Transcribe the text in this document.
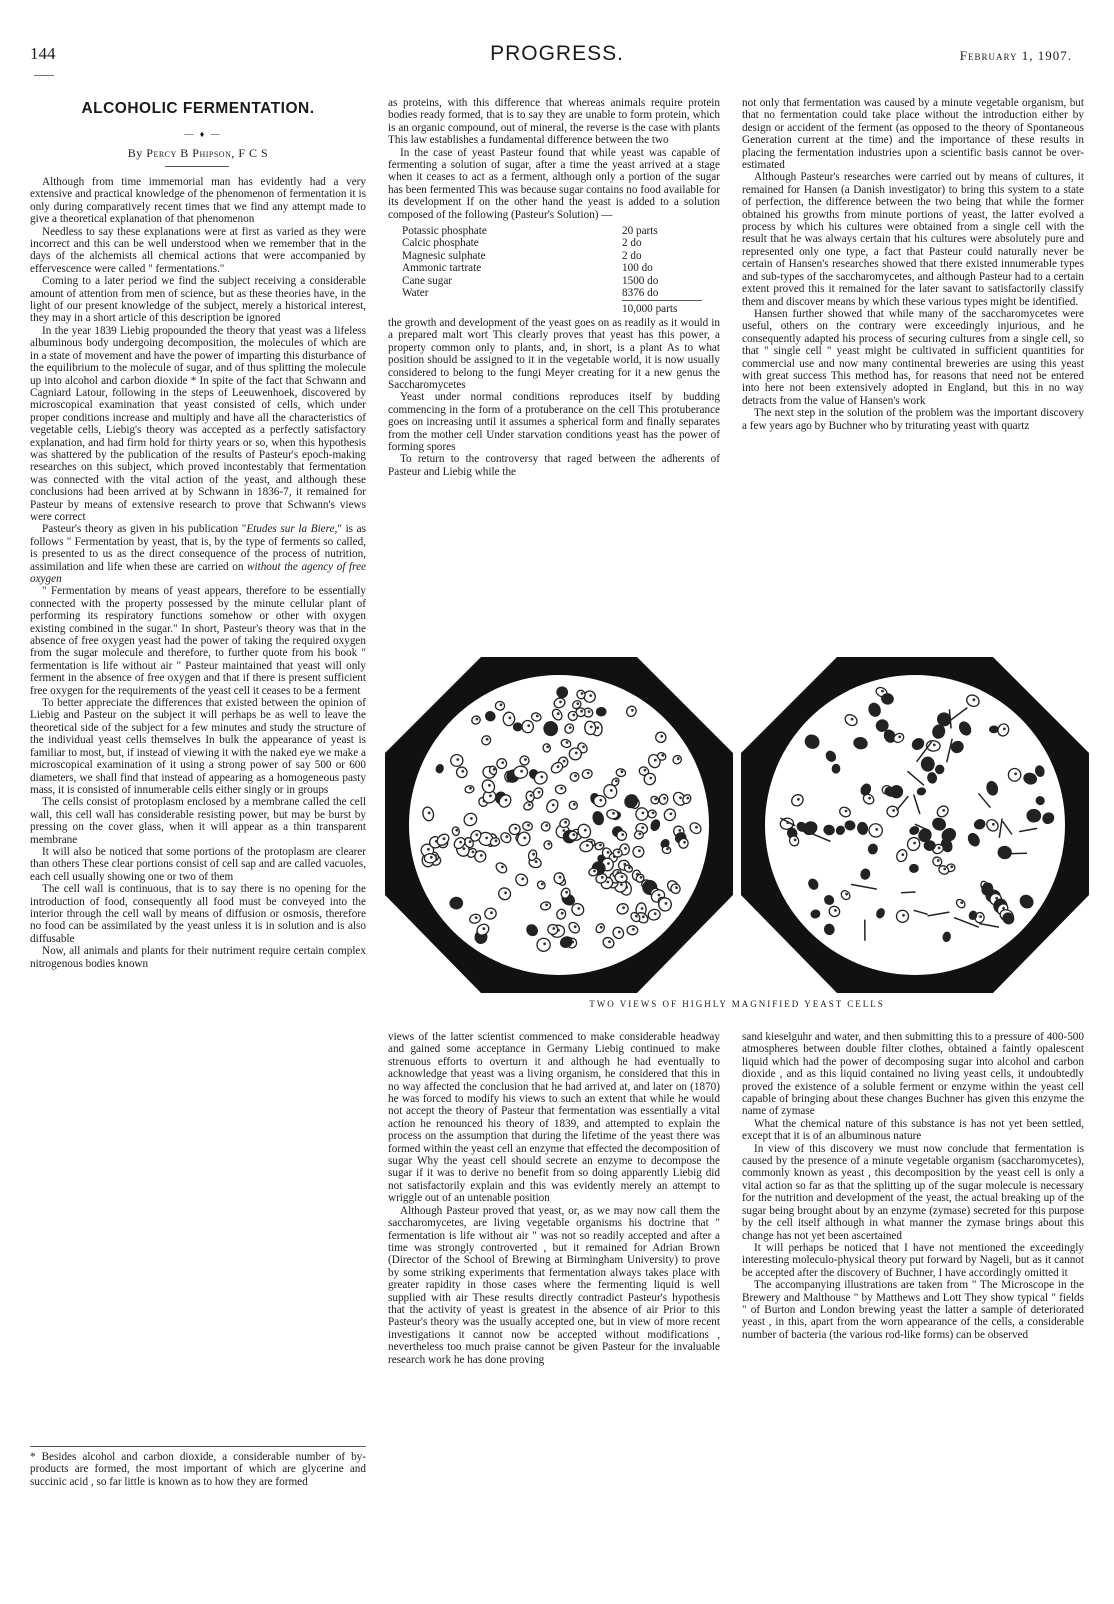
144	PROGRESS.	February 1, 1907.
ALCOHOLIC FERMENTATION.
— ♦ —
By Percy B Phipson, F C S

Although from time immemorial man has evidently had a very extensive and practical knowledge of the phenomenon of fermentation it is only during comparatively recent times that we find any attempt made to give a theoretical explanation of that phenomenon

Needless to say these explanations were at first as varied as they were incorrect and this can be well understood when we remember that in the days of the alchemists all chemical actions that were accompanied by effervescence were called " fermentations."

Coming to a later period we find the subject receiving a considerable amount of attention from men of science, but as these theories have, in the light of our present knowledge of the subject, merely a historical interest, they may in a short article of this description be ignored

In the year 1839 Liebig propounded the theory that yeast was a lifeless albuminous body undergoing decomposition, the molecules of which are in a state of movement and have the power of imparting this disturbance of the equilibrium to the molecule of sugar, and of thus splitting the molecule up into alcohol and carbon dioxide * In spite of the fact that Schwann and Cagniard Latour, following in the steps of Leeuwenhoek, discovered by microscopical examination that yeast consisted of cells, which under proper conditions increase and multiply and have all the characteristics of vegetable cells, Liebig's theory was accepted as a perfectly satisfactory explanation, and had firm hold for thirty years or so, when this hypothesis was shattered by the publication of the results of Pasteur's epoch-making researches on this subject, which proved incontestably that fermentation was connected with the vital action of the yeast, and although these conclusions had been arrived at by Schwann in 1836-7, it remained for Pasteur by means of extensive research to prove that Schwann's views were correct

Pasteur's theory as given in his publication "Etudes sur la Biere," is as follows " Fermentation by yeast, that is, by the type of ferments so called, is presented to us as the direct consequence of the process of nutrition, assimilation and life when these are carried on without the agency of free oxygen

" Fermentation by means of yeast appears, therefore to be essentially connected with the property possessed by the minute cellular plant of performing its respiratory functions somehow or other with oxygen existing combined in the sugar." In short, Pasteur's theory was that in the absence of free oxygen yeast had the power of taking the required oxygen from the sugar molecule and therefore, to further quote from his book " fermentation is life without air " Pasteur maintained that yeast will only ferment in the absence of free oxygen and that if there is present sufficient free oxygen for the requirements of the yeast cell it ceases to be a ferment

To better appreciate the differences that existed between the opinion of Liebig and Pasteur on the subject it will perhaps be as well to leave the theoretical side of the subject for a few minutes and study the structure of the individual yeast cells themselves In bulk the appearance of yeast is familiar to most, but, if instead of viewing it with the naked eye we make a microscopical examination of it using a strong power of say 500 or 600 diameters, we shall find that instead of appearing as a homogeneous pasty mass, it is consisted of innumerable cells either singly or in groups

The cells consist of protoplasm enclosed by a membrane called the cell wall, this cell wall has considerable resisting power, but may be burst by pressing on the cover glass, when it will appear as a thin transparent membrane

It will also be noticed that some portions of the protoplasm are clearer than others These clear portions consist of cell sap and are called vacuoles, each cell usually showing one or two of them

The cell wall is continuous, that is to say there is no opening for the introduction of food, consequently all food must be conveyed into the interior through the cell wall by means of diffusion or osmosis, therefore no food can be assimilated by the yeast unless it is in solution and is also diffusable

Now, all animals and plants for their nutriment require certain complex nitrogenous bodies known

* Besides alcohol and carbon dioxide, a considerable number of by-products are formed, the most important of which are glycerine and succinic acid , so far little is known as to how they are formed

as proteins, with this difference that whereas animals require protein bodies ready formed, that is to say they are unable to form protein, which is an organic compound, out of mineral, the reverse is the case with plants This law establishes a fundamental difference between the two

In the case of yeast Pasteur found that while yeast was capable of fermenting a solution of sugar, after a time the yeast arrived at a stage when it ceases to act as a ferment, although only a portion of the sugar has been fermented This was because sugar contains no food available for its development If on the other hand the yeast is added to a solution composed of the following (Pasteur's Solution) —

Potassic phosphate	20 parts
Calcic phosphate	2 do
Magnesic sulphate	2 do
Ammonic tartrate	100 do
Cane sugar	1500 do
Water	8376 do
10,000 parts

the growth and development of the yeast goes on as readily as it would in a prepared malt wort This clearly proves that yeast has this power, a property common only to plants, and, in short, is a plant As to what position should be assigned to it in the vegetable world, it is now usually considered to belong to the fungi Meyer creating for it a new genus the Saccharomycetes

Yeast under normal conditions reproduces itself by budding commencing in the form of a protuberance on the cell This protuberance goes on increasing until it assumes a spherical form and finally separates from the mother cell Under starvation conditions yeast has the power of forming spores

To return to the controversy that raged between the adherents of Pasteur and Liebig while the

not only that fermentation was caused by a minute vegetable organism, but that no fermentation could take place without the introduction either by design or accident of the ferment (as opposed to the theory of Spontaneous Generation current at the time) and the importance of these results in placing the fermentation industries upon a scientific basis cannot be over-estimated

Although Pasteur's researches were carried out by means of cultures, it remained for Hansen (a Danish investigator) to bring this system to a state of perfection, the difference between the two being that while the former obtained his growths from minute portions of yeast, the latter evolved a process by which his cultures were obtained from a single cell with the result that he was always certain that his cultures were absolutely pure and represented only one type, a fact that Pasteur could naturally never be certain of Hansen's researches showed that there existed innumerable types and sub-types of the saccharomycetes, and although Pasteur had to a certain extent proved this it remained for the later savant to satisfactorily classify them and discover means by which these various types might be identified.

Hansen further showed that while many of the saccharomycetes were useful, others on the contrary were exceedingly injurious, and he consequently adapted his process of securing cultures from a single cell, so that " single cell " yeast might be cultivated in sufficient quantities for commercial use and now many continental breweries are using this yeast with great success This method has, for reasons that need not be entered into here not been extensively adopted in England, but this in no way detracts from the value of Hansen's work

The next step in the solution of the problem was the important discovery a few years ago by Buchner who by triturating yeast with quartz

TWO VIEWS OF HIGHLY MAGNIFIED YEAST CELLS

views of the latter scientist commenced to make considerable headway and gained some acceptance in Germany Liebig continued to make strenuous efforts to overturn it and although he had eventually to acknowledge that yeast was a living organism, he considered that this in no way affected the conclusion that he had arrived at, and later on (1870) he was forced to modify his views to such an extent that while he would not accept the theory of Pasteur that fermentation was essentially a vital action he renounced his theory of 1839, and attempted to explain the process on the assumption that during the lifetime of the yeast there was formed within the yeast cell an enzyme that effected the decomposition of sugar Why the yeast cell should secrete an enzyme to decompose the sugar if it was to derive no benefit from so doing apparently Liebig did not satisfactorily explain and this was evidently merely an attempt to wriggle out of an untenable position

Although Pasteur proved that yeast, or, as we may now call them the saccharomycetes, are living vegetable organisms his doctrine that " fermentation is life without air " was not so readily accepted and after a time was strongly controverted , but it remained for Adrian Brown (Director of the School of Brewing at Birmingham University) to prove by some striking experiments that fermentation always takes place with greater rapidity in those cases where the fermenting liquid is well supplied with air These results directly contradict Pasteur's hypothesis that the activity of yeast is greatest in the absence of air Prior to this Pasteur's theory was the usually accepted one, but in view of more recent investigations it cannot now be accepted without modifications , nevertheless too much praise cannot be given Pasteur for the invaluable research work he has done proving

sand kieselguhr and water, and then submitting this to a pressure of 400-500 atmospheres between double filter clothes, obtained a faintly opalescent liquid which had the power of decomposing sugar into alcohol and carbon dioxide , and as this liquid contained no living yeast cells, it undoubtedly proved the existence of a soluble ferment or enzyme within the yeast cell capable of bringing about these changes Buchner has given this enzyme the name of zymase

What the chemical nature of this substance is has not yet been settled, except that it is of an albuminous nature

In view of this discovery we must now conclude that fermentation is caused by the presence of a minute vegetable organism (saccharomycetes), commonly known as yeast , this decomposition by the yeast cell is only a vital action so far as that the splitting up of the sugar molecule is necessary for the nutrition and development of the yeast, the actual breaking up of the sugar being brought about by an enzyme (zymase) secreted for this purpose by the cell itself although in what manner the zymase brings about this change has not yet been ascertained

It will perhaps be noticed that I have not mentioned the exceedingly interesting moleculo-physical theory put forward by Nageli, but as it cannot be accepted after the discovery of Buchner, I have accordingly omitted it

The accompanying illustrations are taken from " The Microscope in the Brewery and Malthouse " by Matthews and Lott They show typical " fields " of Burton and London brewing yeast the latter a sample of deteriorated yeast , in this, apart from the worn appearance of the cells, a considerable number of bacteria (the various rod-like forms) can be observed
